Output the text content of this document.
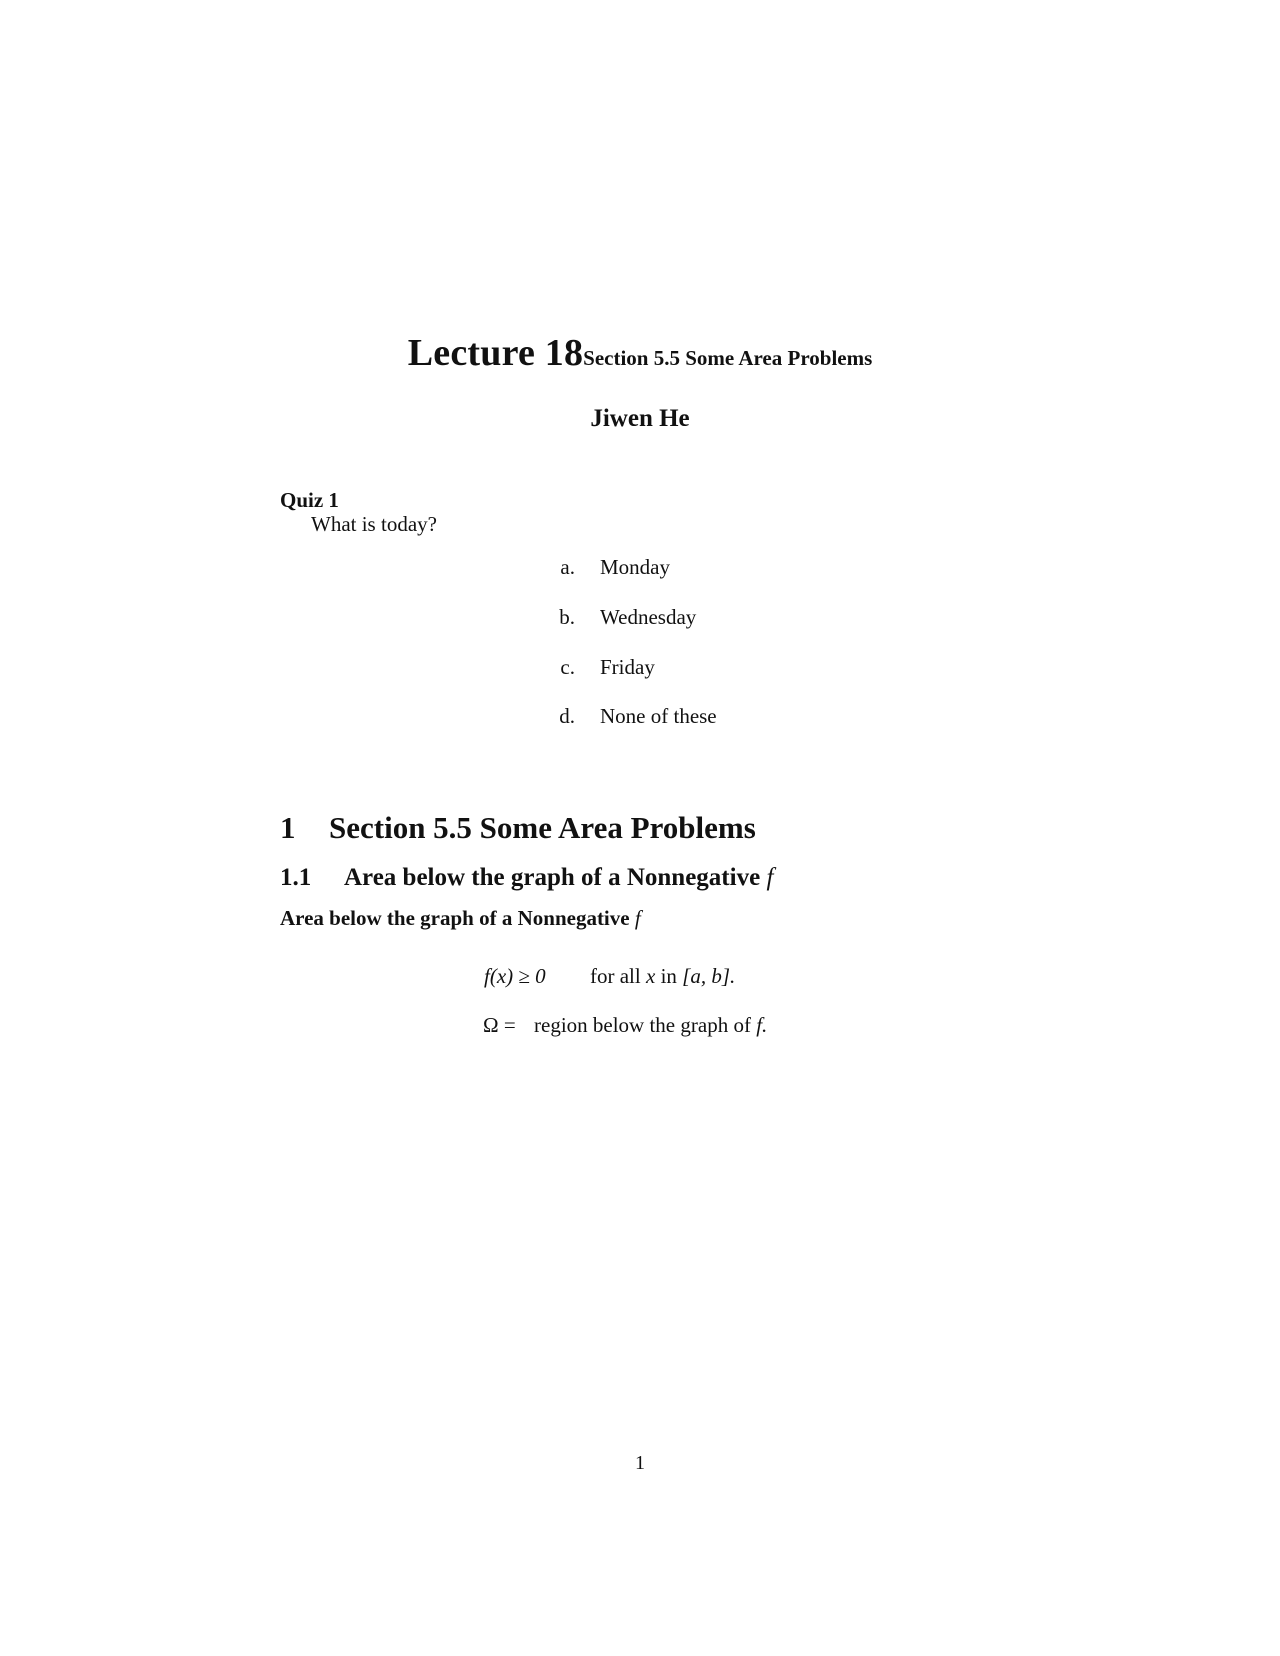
Lecture 18Section 5.5 Some Area Problems
Jiwen He
Quiz 1
What is today?
a. Monday
b. Wednesday
c. Friday
d. None of these
1 Section 5.5 Some Area Problems
1.1 Area below the graph of a Nonnegative f
Area below the graph of a Nonnegative f
f(x) ≥ 0 for all x in [a, b].
Ω = region below the graph of f.
1
